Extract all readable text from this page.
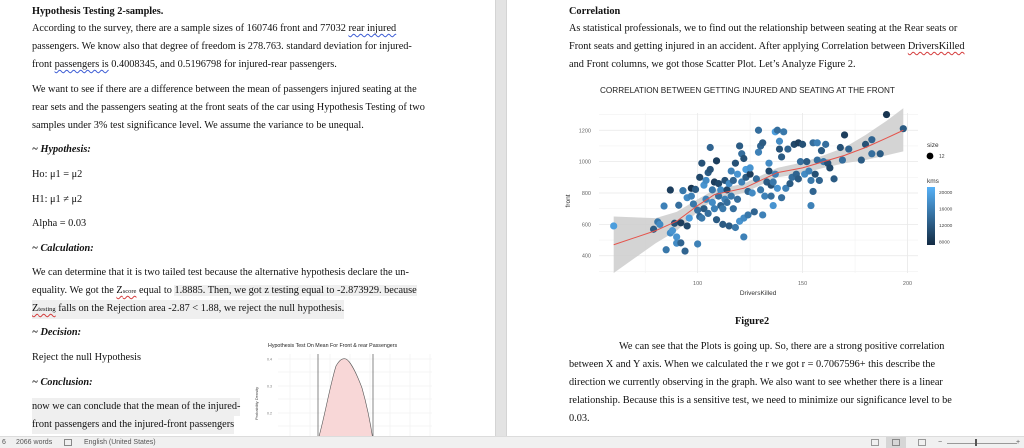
Hypothesis Testing 2-samples.
According to the survey, there are a sample sizes of 160746 front and 77032 rear injured
passengers. We know also that degree of freedom is 278.763. standard deviation for injured-
front passengers is 0.4008345, and 0.5196798 for injured-rear passengers.
We want to see if there are a difference between the mean of passengers injured seating at the
rear sets and the passengers seating at the front seats of the car using Hypothesis Testing of two
samples under 3% test significance level. We assume the variance to be unequal.
~ Hypothesis:
Ho: μ1 = μ2
H1: μ1 ≠ μ2
Alpha = 0.03
~ Calculation:
We can determine that it is two tailed test because the alternative hypothesis declare the un-
equality. We got the Zscore equal to 1.8885. Then, we got z testing equal to -2.873929. because
Ztesting falls on the Rejection area -2.87 < 1.88, we reject the null hypothesis.
~ Decision:
Reject the null Hypothesis
~ Conclusion:
now we can conclude that the mean of the injured-
front passengers and the injured-front passengers
Hypothesis Test On Mean For Front & rear Passengers
0.4
0.3
0.2
Probability Density
Correlation
As statistical professionals, we to find out the relationship between seating at the Rear seats or
Front seats and getting injured in an accident. After applying Correlation between DriversKilled
and Front columns, we got those Scatter Plot. Let’s Analyze Figure 2.
CORRELATION BETWEEN GETTING INJURED AND SEATING AT THE FRONT
400
600
800
1000
1200
100	150	200
DriversKilled
front
size
12
kms
20000
16000
12000
8000
Figure2
We can see that the Plots is going up. So, there are a strong positive correlation
between X and Y axis. When we calculated the r we got r = 0.7067596+ this describe the
direction we currently observing in the graph. We also want to see whether there is a linear
relationship. Because this is a sensitive test, we need to minimize our significance level to be
0.03.
6 2066 words	English (United States)	−	+
